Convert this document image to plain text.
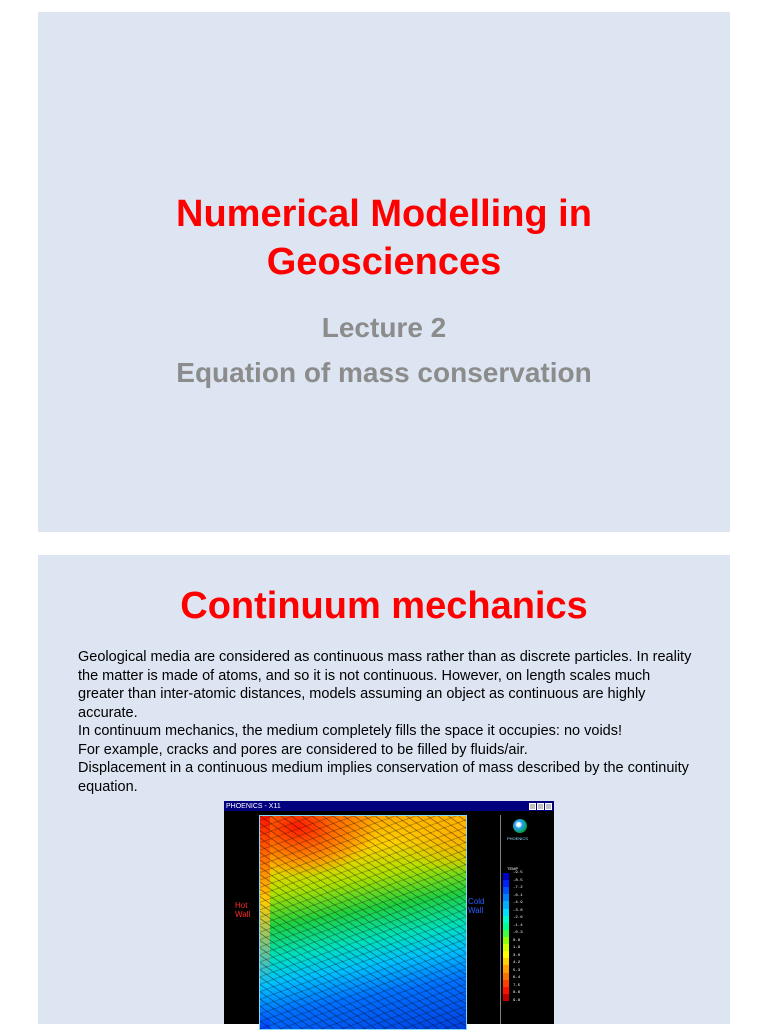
Numerical Modelling in
Geosciences
Lecture 2
Equation of mass conservation
Continuum mechanics

Geological media are considered as continuous mass rather than as discrete particles. In reality the matter is made of atoms, and so it is not continuous. However, on length scales much greater than inter-atomic distances, models assuming an object as continuous are highly accurate.

In continuum mechanics, the medium completely fills the space it occupies: no voids!

For example, cracks and pores are considered to be filled by fluids/air.

Displacement in a continuous medium implies conservation of mass described by the continuity equation.

PHOENICS - X11
Hot
Wall
Cold
Wall
PHOENICS
TEMP
-9.5
-8.5
-7.2
-6.1
-4.9
-3.8
-2.6
-1.4
-0.3
0.8
1.9
3.0
4.2
5.3
6.4
7.5
8.6
9.8
